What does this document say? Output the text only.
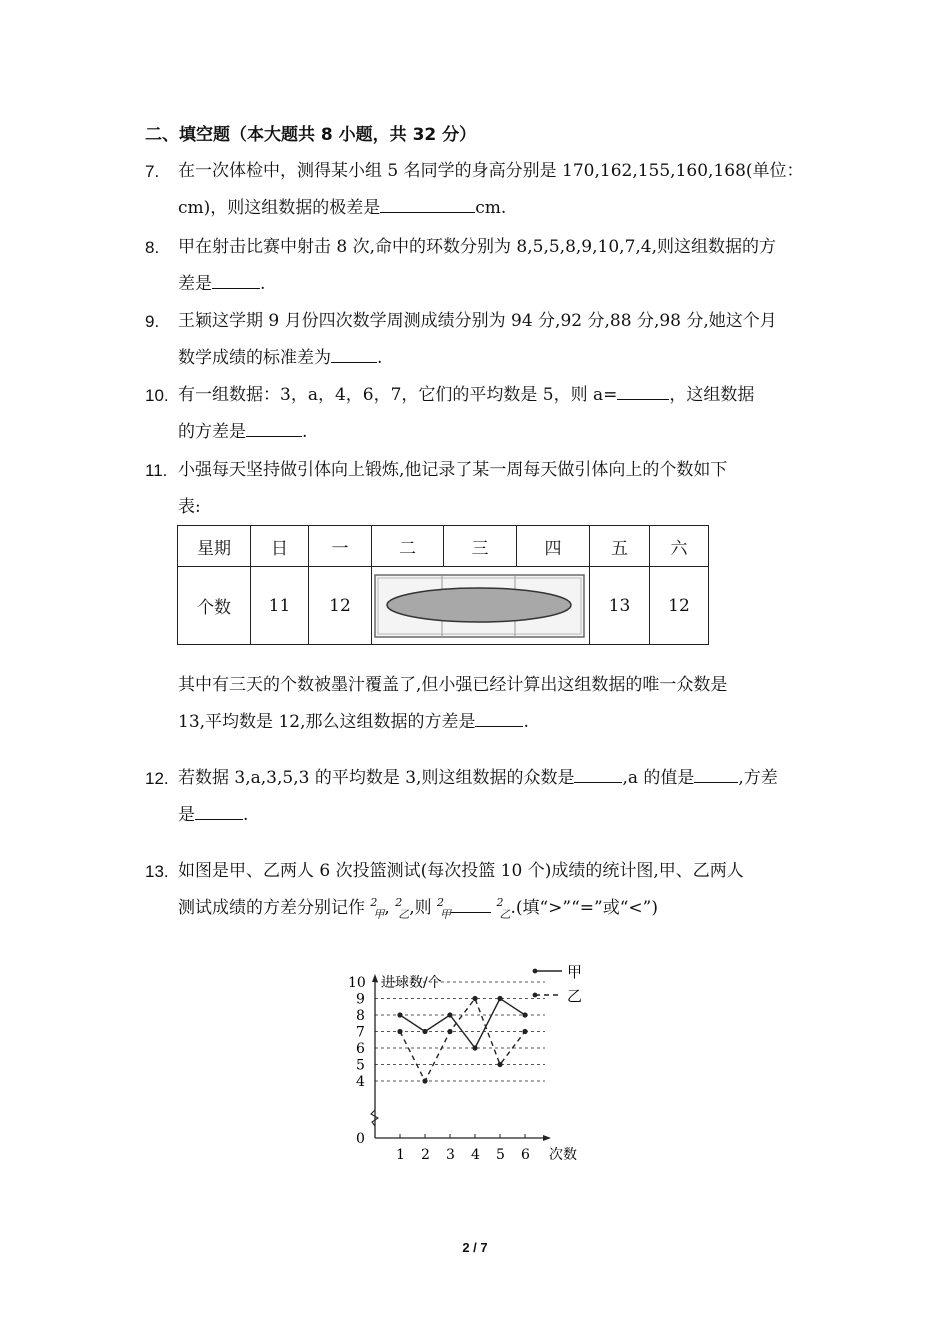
二、填空题（本大题共 8 小题，共 32 分）
7. 在一次体检中，测得某小组 5 名同学的身高分别是 170,162,155,160,168(单位：
cm)，则这组数据的极差是	cm.
8. 甲在射击比赛中射击 8 次,命中的环数分别为 8,5,5,8,9,10,7,4,则这组数据的方
差是	.
9. 王颖这学期 9 月份四次数学周测成绩分别为 94 分,92 分,88 分,98 分,她这个月
数学成绩的标准差为	.
10. 有一组数据：3，a，4，6，7，它们的平均数是 5，则 a=	，这组数据
的方差是	.
11. 小强每天坚持做引体向上锻炼,他记录了某一周每天做引体向上的个数如下
表:
星期	日	一	二	三	四	五	六
个数	11	12				13	12
其中有三天的个数被墨汁覆盖了,但小强已经计算出这组数据的唯一众数是
13,平均数是 12,那么这组数据的方差是	.
12. 若数据 3,a,3,5,3 的平均数是 3,则这组数据的众数是	,a 的值是	,方差
是	.
13. 如图是甲、乙两人 6 次投篮测试(每次投篮 10 个)成绩的统计图,甲、乙两人
测试成绩的方差分别记作 $^2_甲$, $^2_乙$,则 $^2_甲$ $^2_乙$.(填“>”“=”或“<”)
进球数/个
次数
0
4
5
6
7
8
9
10
1 2 3 4 5 6
甲
乙
2 / 7
